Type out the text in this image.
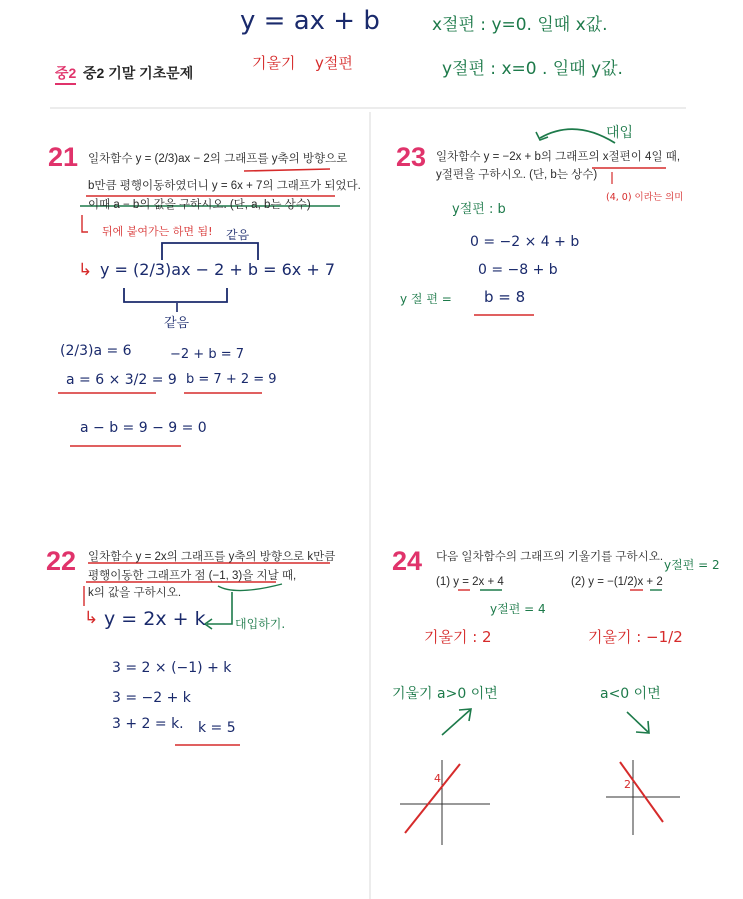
y = ax + b
기울기 y절편
x절편 : y=0. 일때 x값.
y절편 : x=0 . 일때 y값.
중2 중2 기말 기초문제
21 일차함수 y = (2/3)ax − 2의 그래프를 y축의 방향으로
b만큼 평행이동하였더니 y = 6x + 7의 그래프가 되었다.
이때 a − b의 값을 구하시오. (단, a, b는 상수)
뒤에 붙여가는 하면 됨! 같음
↳ y = (2/3)ax − 2 + b = 6x + 7
같음
(2/3)a = 6
a = 6 × 3/2 = 9
−2 + b = 7
b = 7 + 2 = 9
a − b = 9 − 9 = 0
23 일차함수 y = −2x + b의 그래프의 x절편이 4일 때,
y절편을 구하시오. (단, b는 상수)
대입
(4, 0) 이라는 의미
y절편 : b
0 = −2 × 4 + b
0 = −8 + b
y 절 편 = b = 8
22 일차함수 y = 2x의 그래프를 y축의 방향으로 k만큼
평행이동한 그래프가 점 (−1, 3)을 지날 때,
k의 값을 구하시오.
↳ y = 2x + k 대입하기.
3 = 2 × (−1) + k
3 = −2 + k
3 + 2 = k. k = 5
24 다음 일차함수의 그래프의 기울기를 구하시오.
(1) y = 2x + 4	(2) y = −(1/2)x + 2
y절편 = 4
y절편 = 2
기울기 : 2	기울기 : −1/2
기울기 a>0 이면	a<0 이면
4	2
